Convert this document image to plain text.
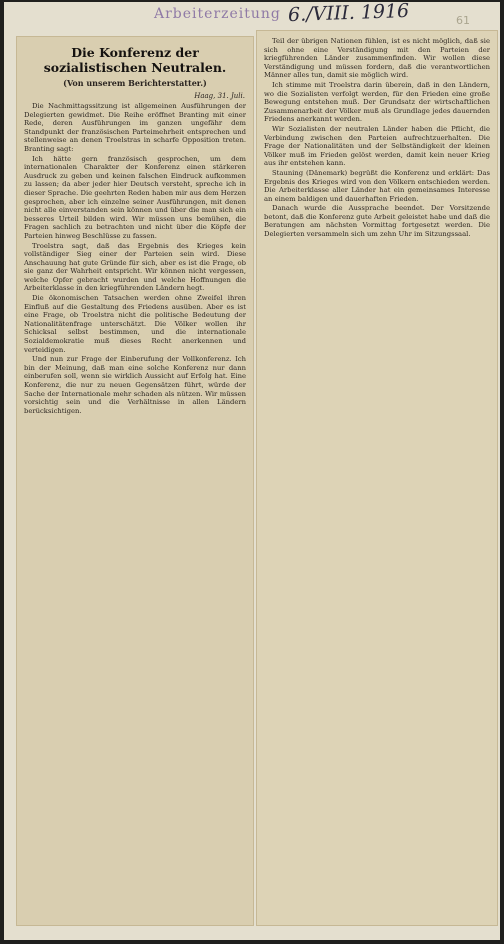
Arbeiterzeitung 6./VIII. 1916	61
Die Konferenz der sozialistischen Neutralen.
(Von unserem Berichterstatter.)
Haag, 31. Juli.

Die Nachmittagssitzung ist allgemeinen Ausführungen der Delegierten gewidmet. Die Reihe eröffnet Branting mit einer Rede, deren Ausführungen im ganzen ungefähr dem Standpunkt der französischen Parteimehrheit entsprechen und stellenweise an denen Troelstras in scharfe Opposition treten. Branting sagt:

Ich hätte gern französisch gesprochen, um dem internationalen Charakter der Konferenz einen stärkeren Ausdruck zu geben und keinen falschen Eindruck aufkommen zu lassen; da aber jeder hier Deutsch versteht, spreche ich in dieser Sprache. Die geehrten Reden haben mir aus dem Herzen gesprochen, aber ich einzelne seiner Ausführungen, mit denen nicht alle einverstanden sein können und über die man sich ein besseres Urteil bilden wird. Wir müssen uns bemühen, die Fragen sachlich zu betrachten und nicht über die Köpfe der Parteien hinweg Beschlüsse zu fassen.

Troelstra sagt, daß das Ergebnis des Krieges kein vollständiger Sieg einer der Parteien sein wird. Diese Anschauung hat gute Gründe für sich, aber es ist die Frage, ob sie ganz der Wahrheit entspricht. Wir können nicht vergessen, welche Opfer gebracht wurden und welche Hoffnungen die Arbeiterklasse in den kriegführenden Ländern hegt.

Die ökonomischen Tatsachen werden ohne Zweifel ihren Einfluß auf die Gestaltung des Friedens ausüben. Aber es ist eine Frage, ob Troelstra nicht die politische Bedeutung der Nationalitätenfrage unterschätzt. Die Völker wollen ihr Schicksal selbst bestimmen, und die internationale Sozialdemokratie muß dieses Recht anerkennen und verteidigen.

Und nun zur Frage der Einberufung der Vollkonferenz. Ich bin der Meinung, daß man eine solche Konferenz nur dann einberufen soll, wenn sie wirklich Aussicht auf Erfolg hat. Eine Konferenz, die nur zu neuen Gegensätzen führt, würde der Sache der Internationale mehr schaden als nützen. Wir müssen vorsichtig sein und die Verhältnisse in allen Ländern berücksichtigen.

Teil der übrigen Nationen fühlen, ist es nicht möglich, daß sie sich ohne eine Verständigung mit den Parteien der kriegführenden Länder zusammenfinden. Wir wollen diese Verständigung und müssen fordern, daß die verantwortlichen Männer alles tun, damit sie möglich wird.

Ich stimme mit Troelstra darin überein, daß in den Ländern, wo die Sozialisten verfolgt werden, für den Frieden eine große Bewegung entstehen muß. Der Grundsatz der wirtschaftlichen Zusammenarbeit der Völker muß als Grundlage jedes dauernden Friedens anerkannt werden.

Wir Sozialisten der neutralen Länder haben die Pflicht, die Verbindung zwischen den Parteien aufrechtzuerhalten. Die Frage der Nationalitäten und der Selbständigkeit der kleinen Völker muß im Frieden gelöst werden, damit kein neuer Krieg aus ihr entstehen kann.

Stauning (Dänemark) begrüßt die Konferenz und erklärt: Das Ergebnis des Krieges wird von den Völkern entschieden werden. Die Arbeiterklasse aller Länder hat ein gemeinsames Interesse an einem baldigen und dauerhaften Frieden.

Danach wurde die Aussprache beendet. Der Vorsitzende betont, daß die Konferenz gute Arbeit geleistet habe und daß die Beratungen am nächsten Vormittag fortgesetzt werden. Die Delegierten versammeln sich um zehn Uhr im Sitzungssaal.
